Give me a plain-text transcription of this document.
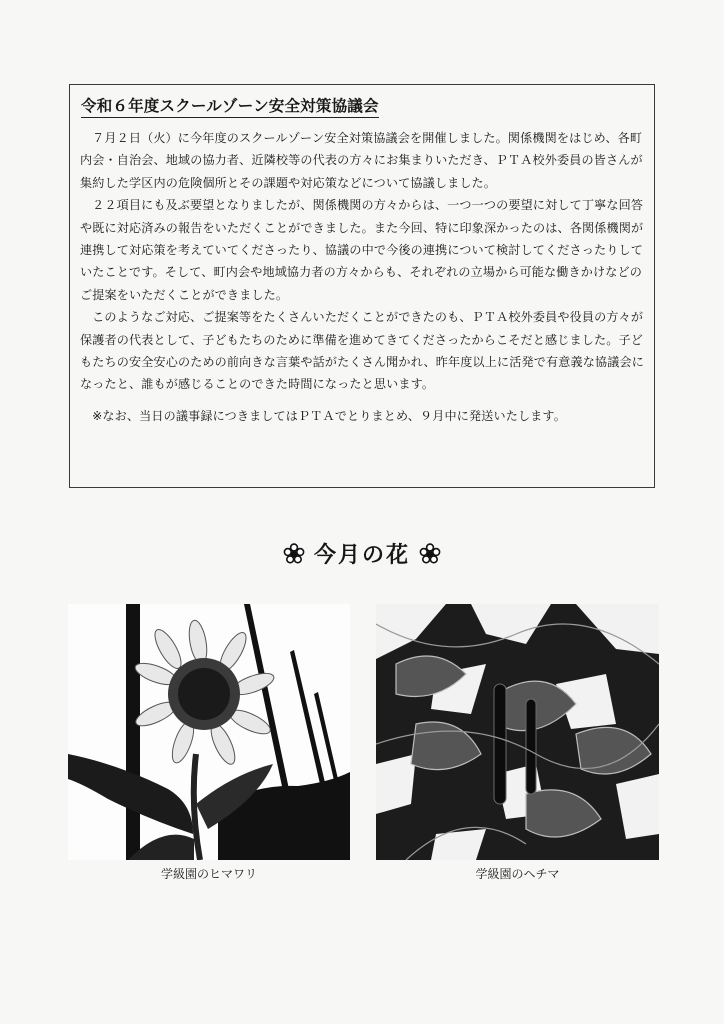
令和６年度スクールゾーン安全対策協議会

７月２日（火）に今年度のスクールゾーン安全対策協議会を開催しました。関係機関をはじめ、各町内会・自治会、地域の協力者、近隣校等の代表の方々にお集まりいただき、ＰＴＡ校外委員の皆さんが集約した学区内の危険個所とその課題や対応策などについて協議しました。

２２項目にも及ぶ要望となりましたが、関係機関の方々からは、一つ一つの要望に対して丁寧な回答や既に対応済みの報告をいただくことができました。また今回、特に印象深かったのは、各関係機関が連携して対応策を考えていてくださったり、協議の中で今後の連携について検討してくださったりしていたことです。そして、町内会や地域協力者の方々からも、それぞれの立場から可能な働きかけなどのご提案をいただくことができました。

このようなご対応、ご提案等をたくさんいただくことができたのも、ＰＴＡ校外委員や役員の方々が保護者の代表として、子どもたちのために準備を進めてきてくださったからこそだと感じました。子どもたちの安全安心のための前向きな言葉や話がたくさん聞かれ、昨年度以上に活発で有意義な協議会になったと、誰もが感じることのできた時間になったと思います。

※なお、当日の議事録につきましてはＰＴＡでとりまとめ、９月中に発送いたします。

今月の花
学級園のヒマワリ	学級園のヘチマ
